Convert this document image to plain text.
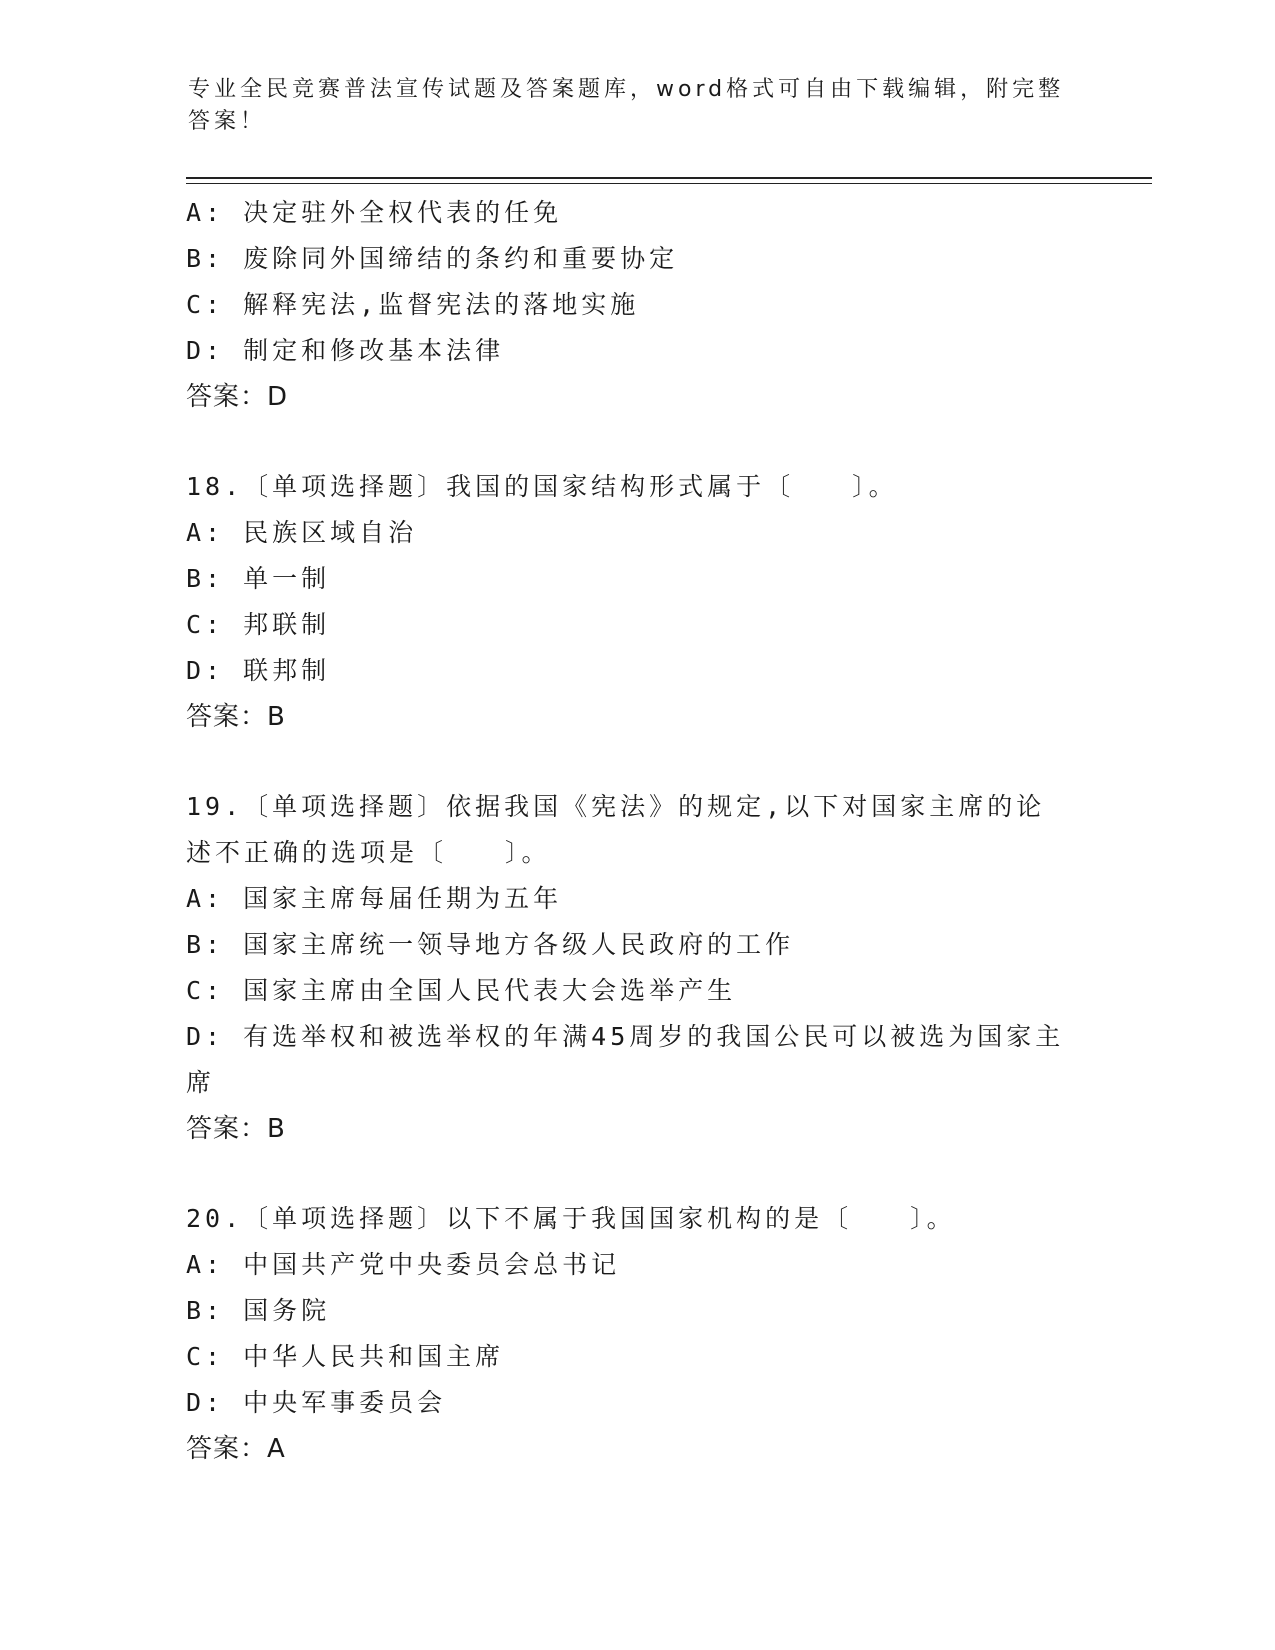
专业全民竞赛普法宣传试题及答案题库，word格式可自由下载编辑，附完整答案！
A: 决定驻外全权代表的任免
B: 废除同外国缔结的条约和重要协定
C: 解释宪法,监督宪法的落地实施
D: 制定和修改基本法律
答案：D
18.〔单项选择题〕我国的国家结构形式属于〔　　〕。
A: 民族区域自治
B: 单一制
C: 邦联制
D: 联邦制
答案：B
19.〔单项选择题〕依据我国《宪法》的规定,以下对国家主席的论述不正确的选项是〔　　〕。
A: 国家主席每届任期为五年
B: 国家主席统一领导地方各级人民政府的工作
C: 国家主席由全国人民代表大会选举产生
D: 有选举权和被选举权的年满45周岁的我国公民可以被选为国家主席
答案：B
20.〔单项选择题〕以下不属于我国国家机构的是〔　　〕。
A: 中国共产党中央委员会总书记
B: 国务院
C: 中华人民共和国主席
D: 中央军事委员会
答案：A
